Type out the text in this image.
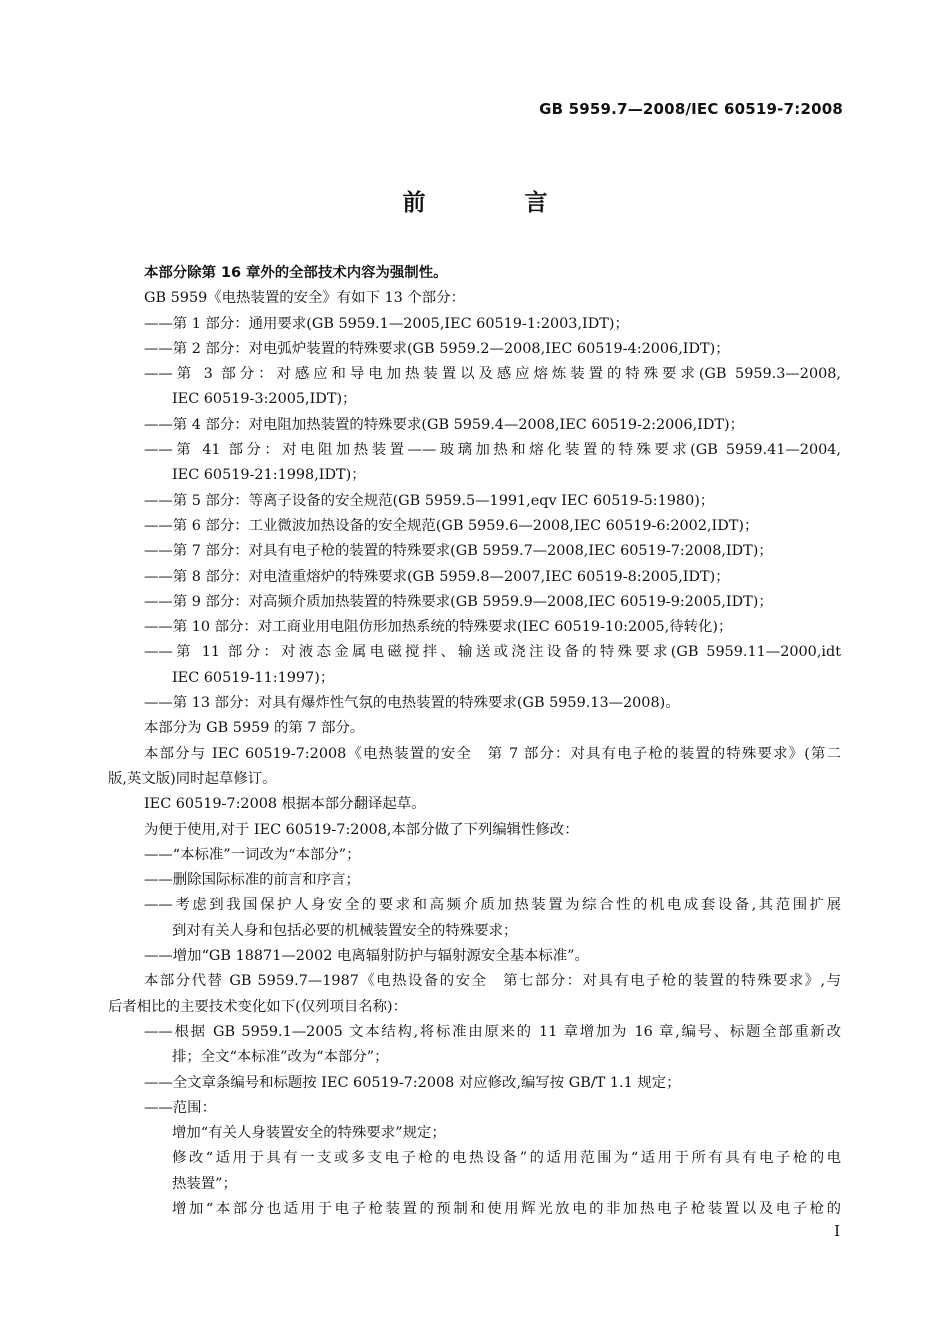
GB 5959.7—2008/IEC 60519-7:2008
前　言
本部分除第 16 章外的全部技术内容为强制性。
GB 5959《电热装置的安全》有如下 13 个部分：
——第 1 部分：通用要求(GB 5959.1—2005,IEC 60519-1:2003,IDT)；
——第 2 部分：对电弧炉装置的特殊要求(GB 5959.2—2008,IEC 60519-4:2006,IDT)；
——第 3 部分：对感应和导电加热装置以及感应熔炼装置的特殊要求(GB 5959.3—2008,
IEC 60519-3:2005,IDT)；
——第 4 部分：对电阻加热装置的特殊要求(GB 5959.4—2008,IEC 60519-2:2006,IDT)；
——第 41 部分：对电阻加热装置——玻璃加热和熔化装置的特殊要求(GB 5959.41—2004,
IEC 60519-21:1998,IDT)；
——第 5 部分：等离子设备的安全规范(GB 5959.5—1991,eqv IEC 60519-5:1980)；
——第 6 部分：工业微波加热设备的安全规范(GB 5959.6—2008,IEC 60519-6:2002,IDT)；
——第 7 部分：对具有电子枪的装置的特殊要求(GB 5959.7—2008,IEC 60519-7:2008,IDT)；
——第 8 部分：对电渣重熔炉的特殊要求(GB 5959.8—2007,IEC 60519-8:2005,IDT)；
——第 9 部分：对高频介质加热装置的特殊要求(GB 5959.9—2008,IEC 60519-9:2005,IDT)；
——第 10 部分：对工商业用电阻仿形加热系统的特殊要求(IEC 60519-10:2005,待转化)；
——第 11 部分：对液态金属电磁搅拌、输送或浇注设备的特殊要求(GB 5959.11—2000,idt
IEC 60519-11:1997)；
——第 13 部分：对具有爆炸性气氛的电热装置的特殊要求(GB 5959.13—2008)。
本部分为 GB 5959 的第 7 部分。
本部分与 IEC 60519-7:2008《电热装置的安全　第 7 部分：对具有电子枪的装置的特殊要求》(第二
版,英文版)同时起草修订。
IEC 60519-7:2008 根据本部分翻译起草。
为便于使用,对于 IEC 60519-7:2008,本部分做了下列编辑性修改：
——“本标准”一词改为“本部分”；
——删除国际标准的前言和序言；
——考虑到我国保护人身安全的要求和高频介质加热装置为综合性的机电成套设备,其范围扩展
到对有关人身和包括必要的机械装置安全的特殊要求；
——增加“GB 18871—2002 电离辐射防护与辐射源安全基本标准”。
本部分代替 GB 5959.7—1987《电热设备的安全　第七部分：对具有电子枪的装置的特殊要求》,与
后者相比的主要技术变化如下(仅列项目名称)：
——根据 GB 5959.1—2005 文本结构,将标准由原来的 11 章增加为 16 章,编号、标题全部重新改
排；全文“本标准”改为“本部分”；
——全文章条编号和标题按 IEC 60519-7:2008 对应修改,编写按 GB/T 1.1 规定；
——范围：
增加“有关人身装置安全的特殊要求”规定；
修改“适用于具有一支或多支电子枪的电热设备”的适用范围为“适用于所有具有电子枪的电
热装置”；
增加“本部分也适用于电子枪装置的预制和使用辉光放电的非加热电子枪装置以及电子枪的
I
